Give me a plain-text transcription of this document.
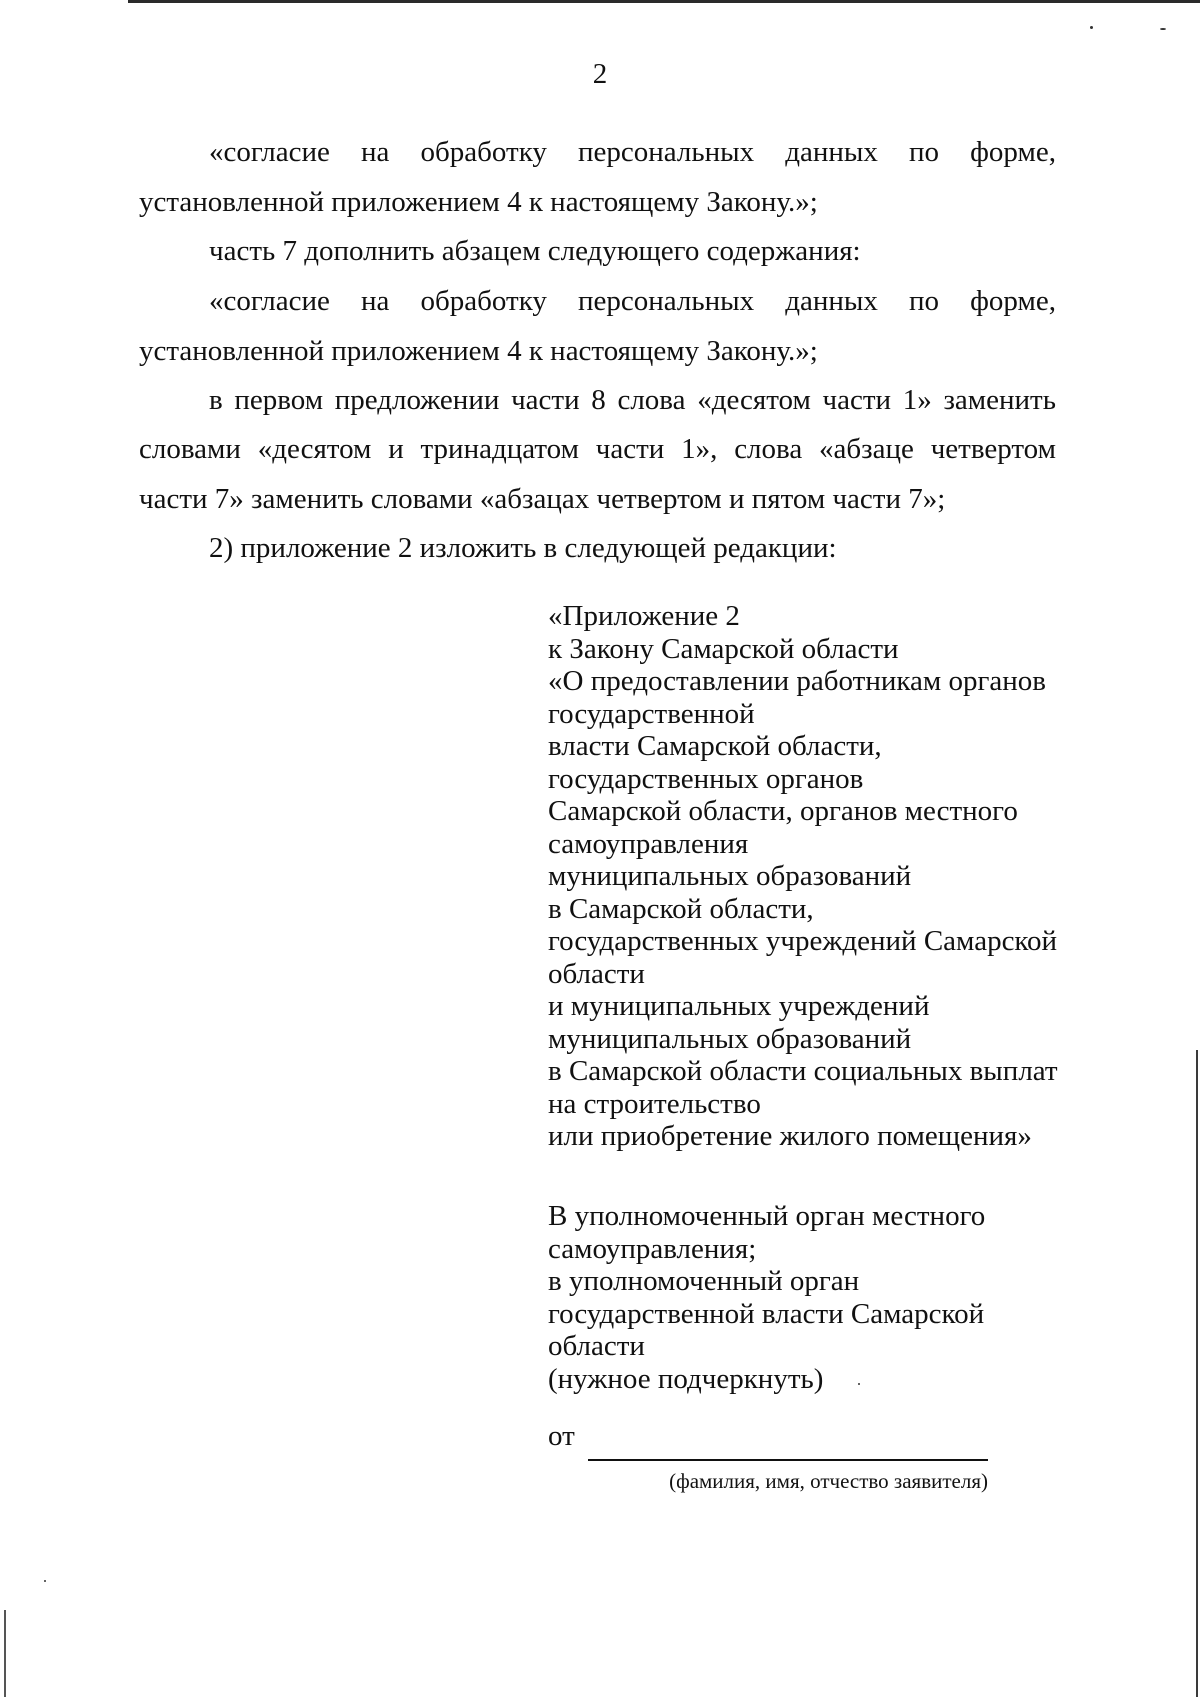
2
«согласие на обработку персональных данных по форме,
установленной приложением 4 к настоящему Закону.»;
часть 7 дополнить абзацем следующего содержания:
«согласие на обработку персональных данных по форме,
установленной приложением 4 к настоящему Закону.»;
в первом предложении части 8 слова «десятом части 1» заменить
словами «десятом и тринадцатом части 1», слова «абзаце четвертом
части 7» заменить словами «абзацах четвертом и пятом части 7»;
2) приложение 2 изложить в следующей редакции:
«Приложение 2
к Закону Самарской области
«О предоставлении работникам органов
государственной
власти Самарской области,
государственных органов
Самарской области, органов местного
самоуправления
муниципальных образований
в Самарской области,
государственных учреждений Самарской
области
и муниципальных учреждений
муниципальных образований
в Самарской области социальных выплат
на строительство
или приобретение жилого помещения»
В уполномоченный орган местного
самоуправления;
в уполномоченный орган
государственной власти Самарской
области
(нужное подчеркнуть)
от
(фамилия, имя, отчество заявителя)
